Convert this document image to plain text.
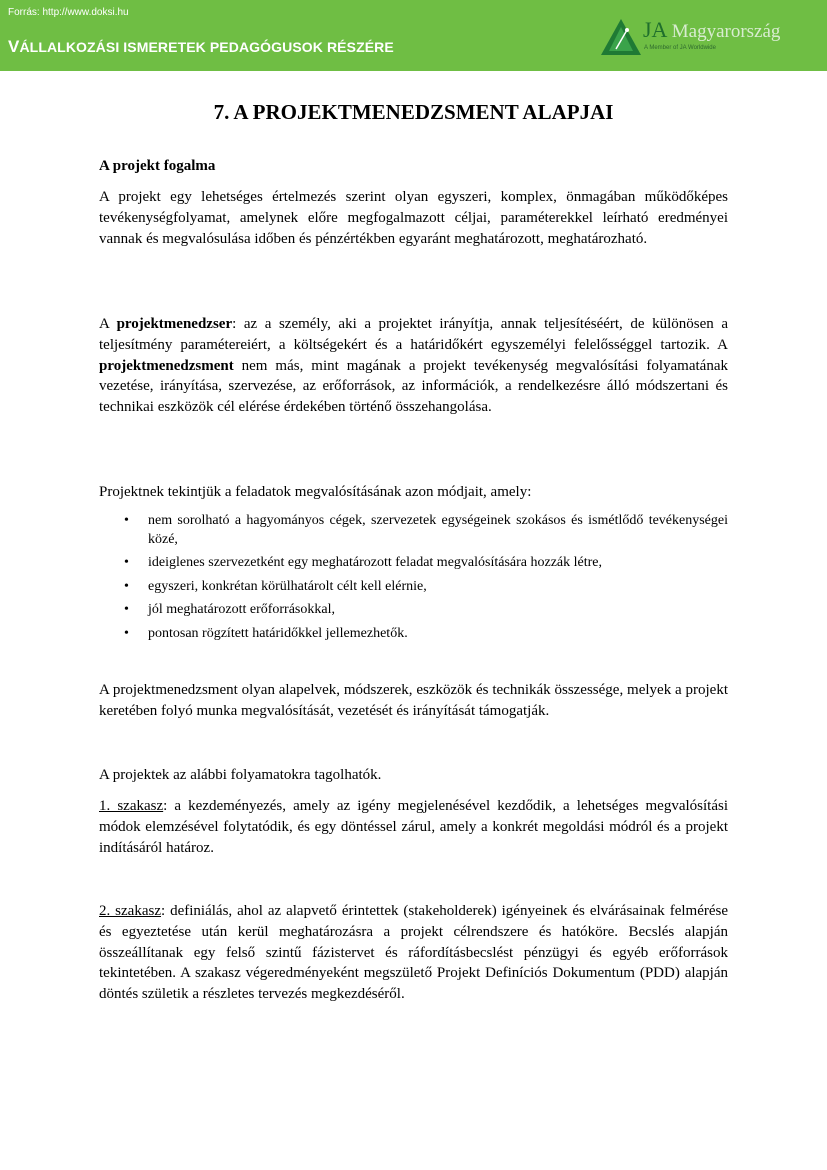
Forrás: http://www.doksi.hu
VÁLLALKOZÁSI ISMERETEK PEDAGÓGUSOK RÉSZÉRE
JA Magyarország
A Member of JA Worldwide
7. A PROJEKTMENEDZSMENT ALAPJAI
A projekt fogalma
A projekt egy lehetséges értelmezés szerint olyan egyszeri, komplex, önmagában működőképes tevékenységfolyamat, amelynek előre megfogalmazott céljai, paraméterekkel leírható eredményei vannak és megvalósulása időben és pénzértékben egyaránt meghatározott, meghatározható.
A projektmenedzser: az a személy, aki a projektet irányítja, annak teljesítéséért, de különösen a teljesítmény paramétereiért, a költségekért és a határidőkért egyszemélyi felelősséggel tartozik. A projektmenedzsment nem más, mint magának a projekt tevékenység megvalósítási folyamatának vezetése, irányítása, szervezése, az erőforrások, az információk, a rendelkezésre álló módszertani és technikai eszközök cél elérése érdekében történő összehangolása.
Projektnek tekintjük a feladatok megvalósításának azon módjait, amely:
• nem sorolható a hagyományos cégek, szervezetek egységeinek szokásos és ismétlődő tevékenységei közé,
• ideiglenes szervezetként egy meghatározott feladat megvalósítására hozzák létre,
• egyszeri, konkrétan körülhatárolt célt kell elérnie,
• jól meghatározott erőforrásokkal,
• pontosan rögzített határidőkkel jellemezhetők.
A projektmenedzsment olyan alapelvek, módszerek, eszközök és technikák összessége, melyek a projekt keretében folyó munka megvalósítását, vezetését és irányítását támogatják.
A projektek az alábbi folyamatokra tagolhatók.
1. szakasz: a kezdeményezés, amely az igény megjelenésével kezdődik, a lehetséges megvalósítási módok elemzésével folytatódik, és egy döntéssel zárul, amely a konkrét megoldási módról és a projekt indításáról határoz.
2. szakasz: definiálás, ahol az alapvető érintettek (stakeholderek) igényeinek és elvárásainak felmérése és egyeztetése után kerül meghatározásra a projekt célrendszere és hatóköre. Becslés alapján összeállítanak egy felső szintű fázistervet és ráfordításbecslést pénzügyi és egyéb erőforrások tekintetében. A szakasz végeredményeként megszülető Projekt Definíciós Dokumentum (PDD) alapján döntés születik a részletes tervezés megkezdéséről.
